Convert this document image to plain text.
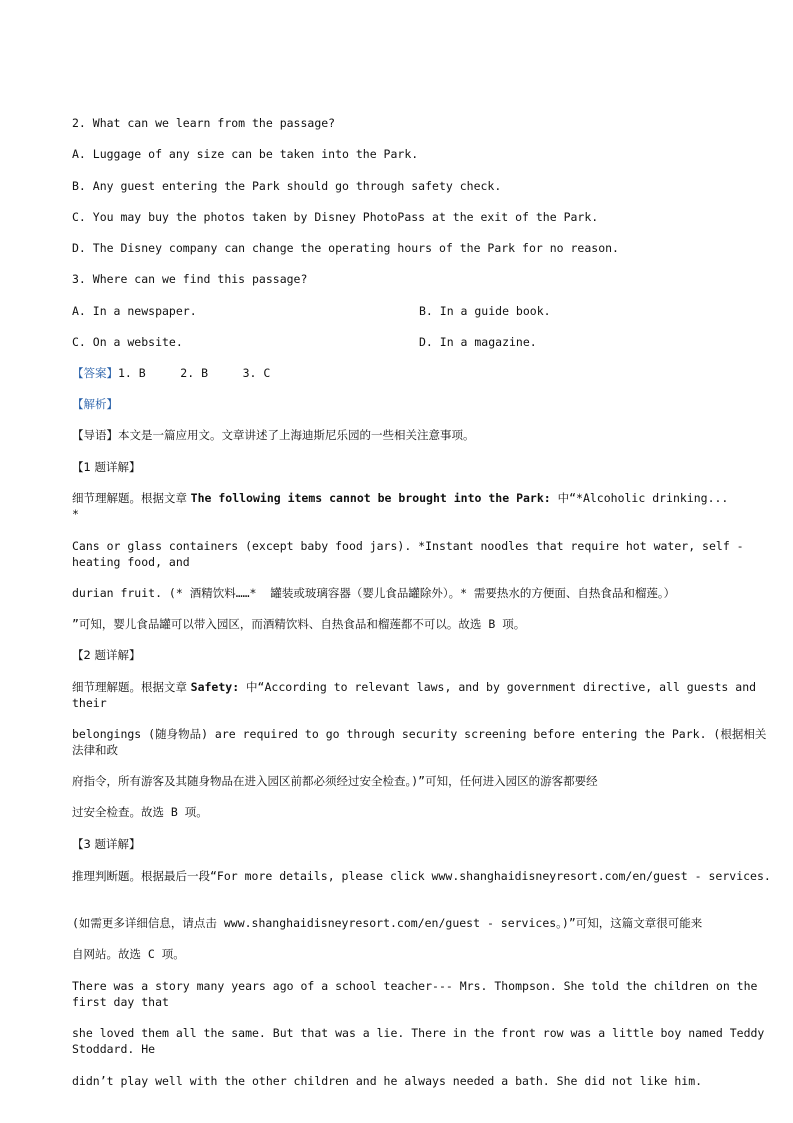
2. What can we learn from the passage?
A. Luggage of any size can be taken into the Park.
B. Any guest entering the Park should go through safety check.
C. You may buy the photos taken by Disney PhotoPass at the exit of the Park.
D. The Disney company can change the operating hours of the Park for no reason.
3. Where can we find this passage?
A. In a newspaper.	B. In a guide book.
C. On a website.	D. In a magazine.
【答案】1. B     2. B     3. C
【解析】
【导语】本文是一篇应用文。文章讲述了上海迪斯尼乐园的一些相关注意事项。
【1 题详解】
细节理解题。根据文章 The following items cannot be brought into the Park: 中“*Alcoholic drinking...
*
Cans or glass containers (except baby food jars). *Instant noodles that require hot water, self - heating food, and
durian fruit. (* 酒精饮料……*  罐装或玻璃容器（婴儿食品罐除外）。* 需要热水的方便面、自热食品和榴莲。）
”可知，婴儿食品罐可以带入园区，而酒精饮料、自热食品和榴莲都不可以。故选 B 项。
【2 题详解】
细节理解题。根据文章 Safety: 中“According to relevant laws, and by government directive, all guests and their
belongings (随身物品) are required to go through security screening before entering the Park. (根据相关法律和政
府指令，所有游客及其随身物品在进入园区前都必须经过安全检查。)”可知，任何进入园区的游客都要经
过安全检查。故选 B 项。
【3 题详解】
推理判断题。根据最后一段“For more details, please click www.shanghaidisneyresort.com/en/guest - services.
(如需更多详细信息，请点击 www.shanghaidisneyresort.com/en/guest - services。)”可知，这篇文章很可能来
自网站。故选 C 项。
There was a story many years ago of a school teacher--- Mrs. Thompson. She told the children on the first day that
she loved them all the same. But that was a lie. There in the front row was a little boy named Teddy Stoddard. He
didn’t play well with the other children and he always needed a bath. She did not like him.
